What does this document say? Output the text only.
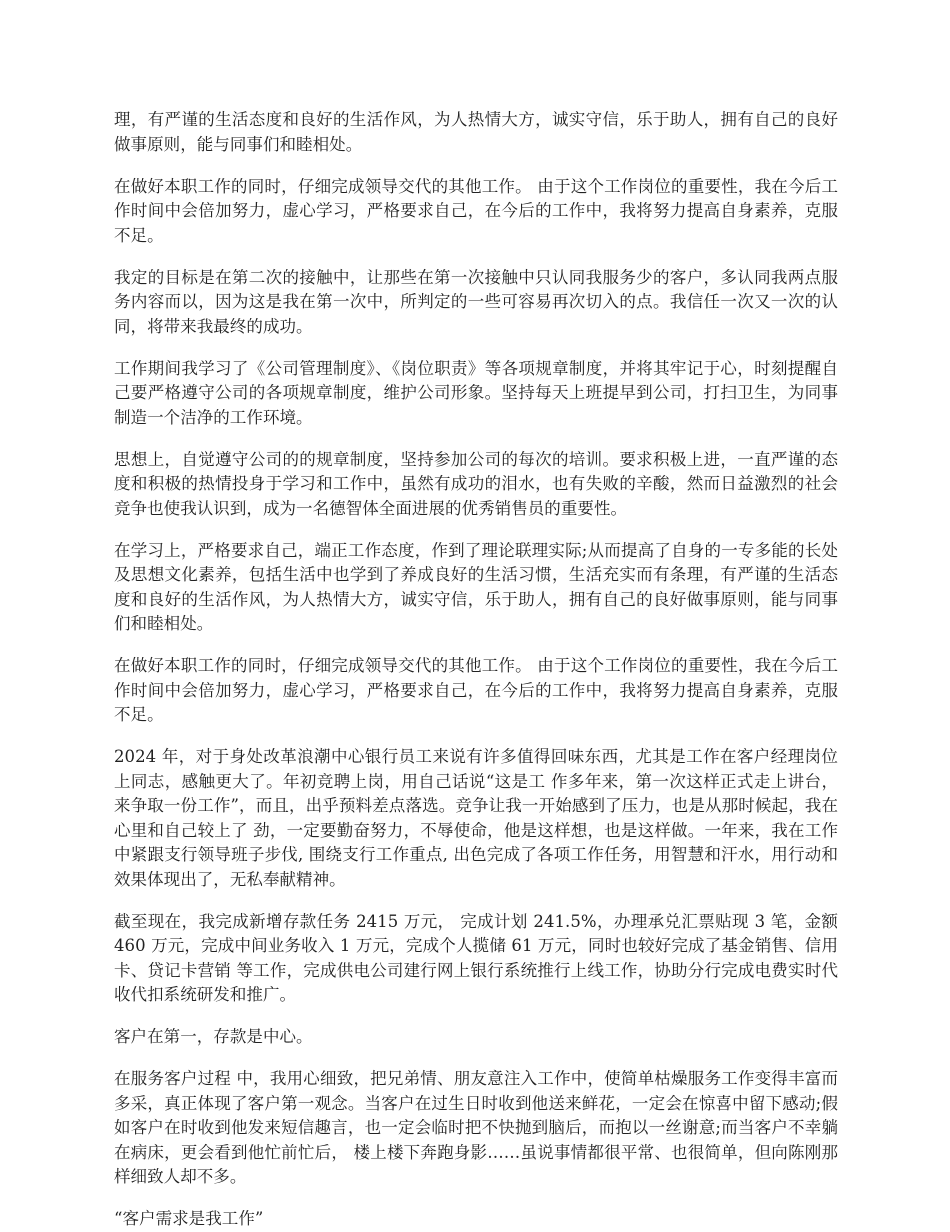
理，有严谨的生活态度和良好的生活作风，为人热情大方，诚实守信，乐于助人，拥有自己的良好做事原则，能与同事们和睦相处。

在做好本职工作的同时，仔细完成领导交代的其他工作。 由于这个工作岗位的重要性，我在今后工作时间中会倍加努力，虚心学习，严格要求自己，在今后的工作中，我将努力提高自身素养，克服不足。

我定的目标是在第二次的接触中，让那些在第一次接触中只认同我服务少的客户，多认同我两点服务内容而以，因为这是我在第一次中，所判定的一些可容易再次切入的点。我信任一次又一次的认同，将带来我最终的成功。

工作期间我学习了《公司管理制度》、《岗位职责》等各项规章制度，并将其牢记于心，时刻提醒自己要严格遵守公司的各项规章制度，维护公司形象。坚持每天上班提早到公司，打扫卫生，为同事制造一个洁净的工作环境。

思想上，自觉遵守公司的的规章制度，坚持参加公司的每次的培训。要求积极上进，一直严谨的态度和积极的热情投身于学习和工作中，虽然有成功的泪水，也有失败的辛酸，然而日益激烈的社会竞争也使我认识到，成为一名德智体全面进展的优秀销售员的重要性。

在学习上，严格要求自己，端正工作态度，作到了理论联理实际;从而提高了自身的一专多能的长处及思想文化素养，包括生活中也学到了养成良好的生活习惯，生活充实而有条理，有严谨的生活态度和良好的生活作风，为人热情大方，诚实守信，乐于助人，拥有自己的良好做事原则，能与同事们和睦相处。

在做好本职工作的同时，仔细完成领导交代的其他工作。 由于这个工作岗位的重要性，我在今后工作时间中会倍加努力，虚心学习，严格要求自己，在今后的工作中，我将努力提高自身素养，克服不足。

2024 年，对于身处改革浪潮中心银行员工来说有许多值得回味东西，尤其是工作在客户经理岗位上同志，感触更大了。年初竞聘上岗，用自己话说“这是工 作多年来，第一次这样正式走上讲台，来争取一份工作”，而且，出乎预料差点落选。竞争让我一开始感到了压力，也是从那时候起，我在心里和自己较上了 劲，一定要勤奋努力，不辱使命，他是这样想，也是这样做。一年来，我在工作中紧跟支行领导班子步伐, 围绕支行工作重点, 出色完成了各项工作任务，用智慧和汗水，用行动和效果体现出了，无私奉献精神。

截至现在，我完成新增存款任务 2415 万元， 完成计划 241.5%，办理承兑汇票贴现 3 笔，金额 460 万元，完成中间业务收入 1 万元，完成个人揽储 61 万元，同时也较好完成了基金销售、信用卡、贷记卡营销 等工作，完成供电公司建行网上银行系统推行上线工作，协助分行完成电费实时代收代扣系统研发和推广。

客户在第一，存款是中心。

在服务客户过程 中，我用心细致，把兄弟情、朋友意注入工作中，使简单枯燥服务工作变得丰富而多采，真正体现了客户第一观念。当客户在过生日时收到他送来鲜花，一定会在惊喜中留下感动;假如客户在时收到他发来短信趣言，也一定会临时把不快抛到脑后，而抱以一丝谢意;而当客户不幸躺在病床，更会看到他忙前忙后， 楼上楼下奔跑身影……虽说事情都很平常、也很简单，但向陈刚那样细致人却不多。

“客户需求是我工作”
